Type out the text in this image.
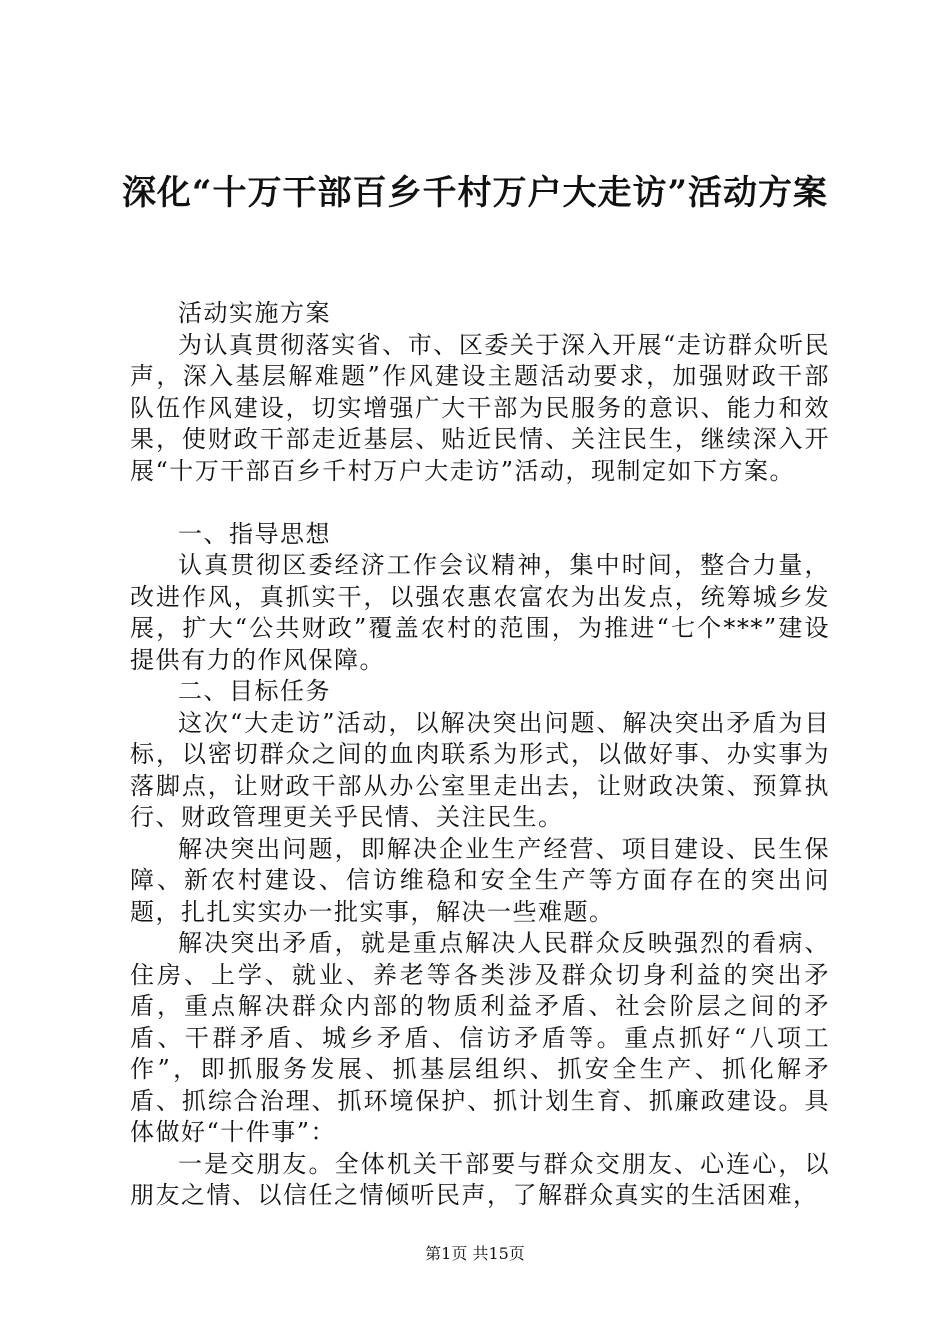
深化“十万干部百乡千村万户大走访”活动方案

活动实施方案

为认真贯彻落实省、市、区委关于深入开展“走访群众听民声，深入基层解难题”作风建设主题活动要求，加强财政干部队伍作风建设，切实增强广大干部为民服务的意识、能力和效果，使财政干部走近基层、贴近民情、关注民生，继续深入开展“十万干部百乡千村万户大走访”活动，现制定如下方案。

一、指导思想

认真贯彻区委经济工作会议精神，集中时间，整合力量，改进作风，真抓实干，以强农惠农富农为出发点，统筹城乡发展，扩大“公共财政”覆盖农村的范围，为推进“七个***”建设提供有力的作风保障。

二、目标任务

这次“大走访”活动，以解决突出问题、解决突出矛盾为目标，以密切群众之间的血肉联系为形式，以做好事、办实事为落脚点，让财政干部从办公室里走出去，让财政决策、预算执行、财政管理更关乎民情、关注民生。

解决突出问题，即解决企业生产经营、项目建设、民生保障、新农村建设、信访维稳和安全生产等方面存在的突出问题，扎扎实实办一批实事，解决一些难题。

解决突出矛盾，就是重点解决人民群众反映强烈的看病、住房、上学、就业、养老等各类涉及群众切身利益的突出矛盾，重点解决群众内部的物质利益矛盾、社会阶层之间的矛盾、干群矛盾、城乡矛盾、信访矛盾等。重点抓好“八项工作”，即抓服务发展、抓基层组织、抓安全生产、抓化解矛盾、抓综合治理、抓环境保护、抓计划生育、抓廉政建设。具体做好“十件事”：

一是交朋友。全体机关干部要与群众交朋友、心连心，以朋友之情、以信任之情倾听民声，了解群众真实的生活困难，

第1页 共15页
